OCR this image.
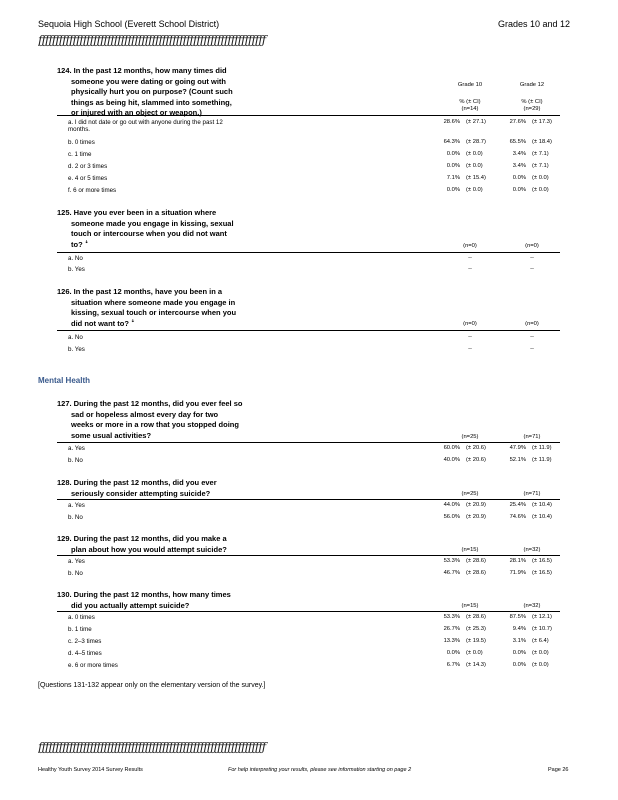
Sequoia High School (Everett School District)	Grades 10 and 12
ƒƒƒƒƒƒƒƒƒƒƒƒƒƒƒƒƒƒƒƒƒƒƒƒƒƒƒƒƒƒƒƒƒƒƒƒƒƒƒƒƒƒƒƒƒƒƒƒƒƒƒƒƒƒƒƒƒƒƒƒƒƒƒƒƒƒ
Grade 10	Grade 12
% (± CI)	% (± CI)
(n=14)	(n=29)
124. In the past 12 months, how many times did

someone you were dating or going out with
physically hurt you on purpose? (Count such
things as being hit, slammed into something,
or injured with an object or weapon.)
125. Have you ever been in a situation where

someone made you engage in kissing, sexual
touch or intercourse when you did not want
to? ꜜ	(n=0)	(n=0)
126. In the past 12 months, have you been in a

situation where someone made you engage in
kissing, sexual touch or intercourse when you
did not want to? ꜜ	(n=0)	(n=0)
Mental Health
127. During the past 12 months, did you ever feel so

sad or hopeless almost every day for two
weeks or more in a row that you stopped doing
some usual activities?	(n=25)	(n=71)
128. During the past 12 months, did you ever

seriously consider attempting suicide?	(n=25)	(n=71)
129. During the past 12 months, did you make a

plan about how you would attempt suicide?	(n=15)	(n=32)
130. During the past 12 months, how many times

did you actually attempt suicide?	(n=15)	(n=32)
[Questions 131-132 appear only on the elementary version of the survey.]
ƒƒƒƒƒƒƒƒƒƒƒƒƒƒƒƒƒƒƒƒƒƒƒƒƒƒƒƒƒƒƒƒƒƒƒƒƒƒƒƒƒƒƒƒƒƒƒƒƒƒƒƒƒƒƒƒƒƒƒƒƒƒƒƒƒƒ
Healthy Youth Survey 2014 Survey Results	For help interpreting your results, please see information starting on page 2	Page 26
a. I did not date or go out with anyone during the past 12
months.
28.6% (± 27.1)	27.6% (± 17.3)
b. 0 times	64.3% (± 28.7)	65.5% (± 18.4)
c. 1 time	0.0% (± 0.0)	3.4% (± 7.1)
d. 2 or 3 times	0.0% (± 0.0)	3.4% (± 7.1)
e. 4 or 5 times	7.1% (± 15.4)	0.0% (± 0.0)
f. 6 or more times	0.0% (± 0.0)	0.0% (± 0.0)
a. No	--	--
b. Yes	--	--
a. No	--	--
b. Yes	--	--
a. Yes	60.0% (± 20.6)	47.9% (± 11.9)
b. No	40.0% (± 20.6)	52.1% (± 11.9)
a. Yes	44.0% (± 20.9)	25.4% (± 10.4)
b. No	56.0% (± 20.9)	74.6% (± 10.4)
a. Yes	53.3% (± 28.6)	28.1% (± 16.5)
b. No	46.7% (± 28.6)	71.9% (± 16.5)
a. 0 times	53.3% (± 28.6)	87.5% (± 12.1)
b. 1 time	26.7% (± 25.3)	9.4% (± 10.7)
c. 2–3 times	13.3% (± 19.5)	3.1% (± 6.4)
d. 4–5 times	0.0% (± 0.0)	0.0% (± 0.0)
e. 6 or more times	6.7% (± 14.3)	0.0% (± 0.0)
